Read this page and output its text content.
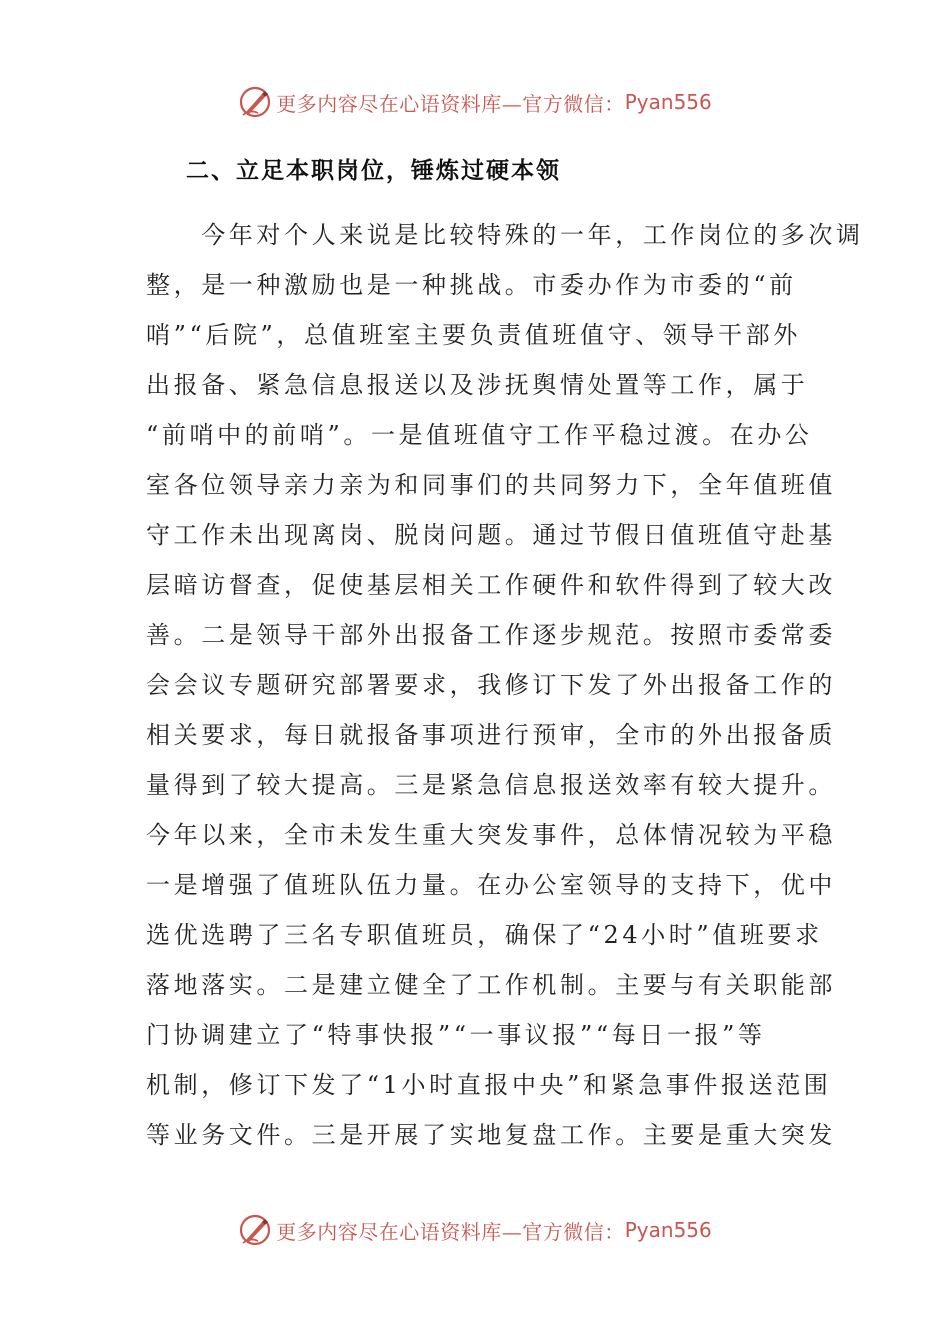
更多内容尽在心语资料库—官方微信： Pyan556
二、立足本职岗位，锤炼过硬本领
　　今年对个人来说是比较特殊的一年，工作岗位的多次调
整，是一种激励也是一种挑战。市委办作为市委的“前
哨”“后院”，总值班室主要负责值班值守、领导干部外
出报备、紧急信息报送以及涉抚舆情处置等工作，属于
“前哨中的前哨”。一是值班值守工作平稳过渡。在办公
室各位领导亲力亲为和同事们的共同努力下，全年值班值
守工作未出现离岗、脱岗问题。通过节假日值班值守赴基
层暗访督查，促使基层相关工作硬件和软件得到了较大改
善。二是领导干部外出报备工作逐步规范。按照市委常委
会会议专题研究部署要求，我修订下发了外出报备工作的
相关要求，每日就报备事项进行预审，全市的外出报备质
量得到了较大提高。三是紧急信息报送效率有较大提升。
今年以来，全市未发生重大突发事件，总体情况较为平稳
一是增强了值班队伍力量。在办公室领导的支持下，优中
选优选聘了三名专职值班员，确保了“24小时”值班要求
落地落实。二是建立健全了工作机制。主要与有关职能部
门协调建立了“特事快报”“一事议报”“每日一报”等
机制，修订下发了“1小时直报中央”和紧急事件报送范围
等业务文件。三是开展了实地复盘工作。主要是重大突发
更多内容尽在心语资料库—官方微信： Pyan556
